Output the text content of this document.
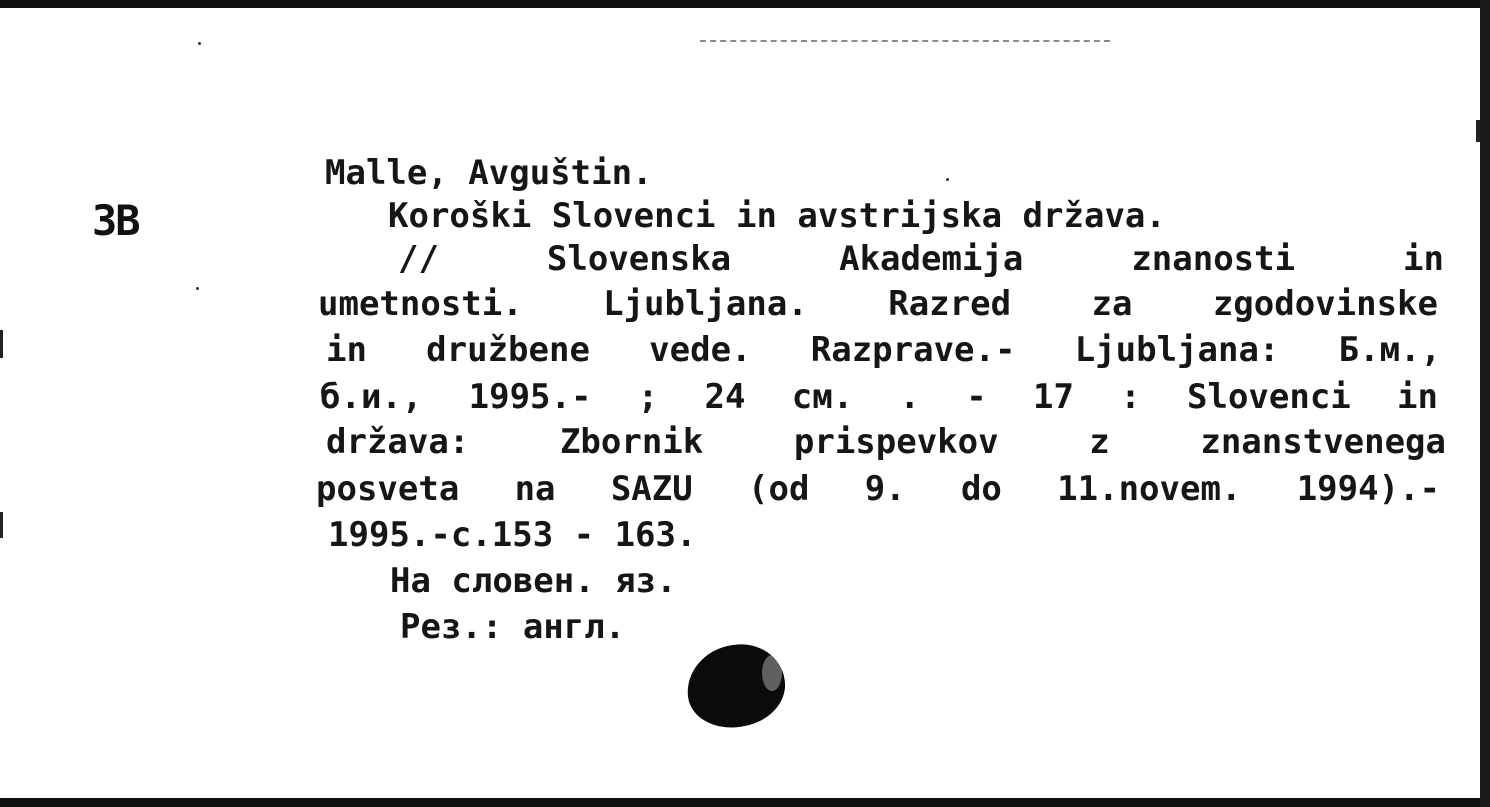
3B
Malle, Avguštin.
Koroški Slovenci in avstrijska država.
// Slovenska Akademija znanosti in
umetnosti. Ljubljana. Razred za zgodovinske
in družbene vede. Razprave.- Ljubljana: Б.м.,
б.и., 1995.- ; 24 см. . - 17 : Slovenci in
država: Zbornik prispevkov z znanstvenega
posveta na SAZU (od 9. do 11.novem. 1994).-
1995.-с.153 - 163.
На словен. яз.
Рез.: англ.
